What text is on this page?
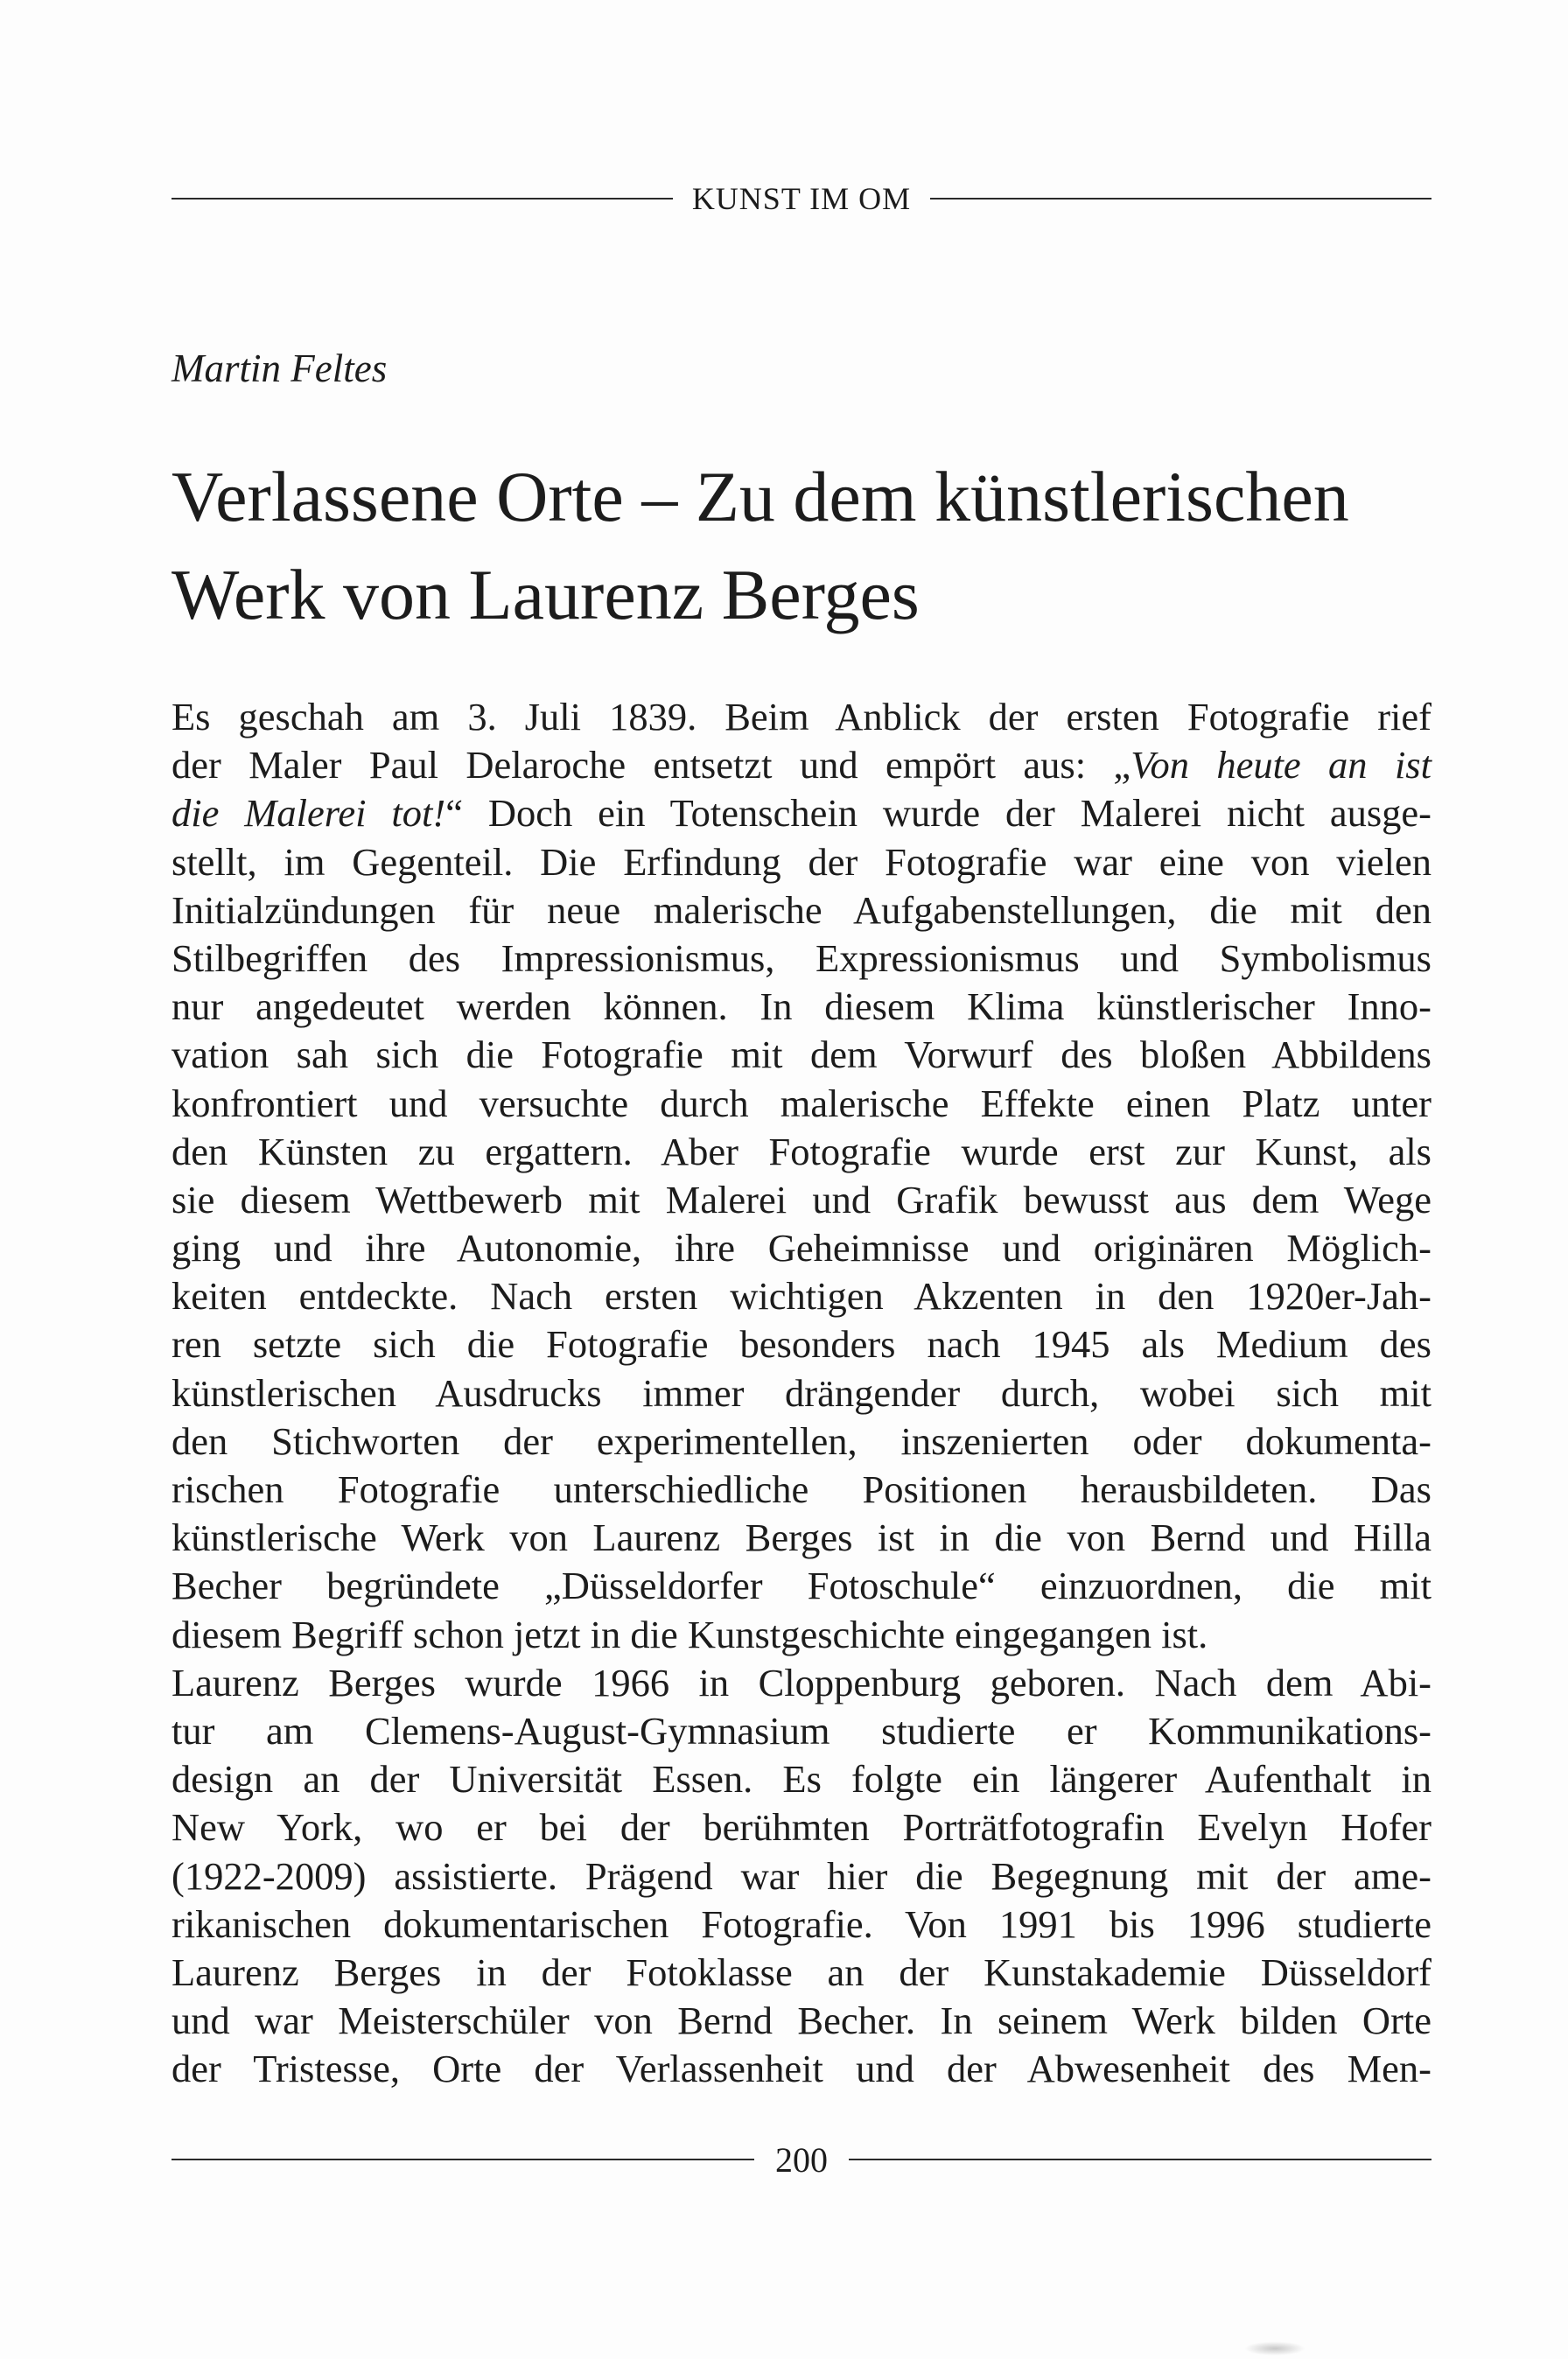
KUNST IM OM
Martin Feltes
Verlassene Orte – Zu dem künstlerischen
Werk von Laurenz Berges
Es geschah am 3. Juli 1839. Beim Anblick der ersten Fotografie rief
der Maler Paul Delaroche entsetzt und empört aus: „Von heute an ist
die Malerei tot!“ Doch ein Totenschein wurde der Malerei nicht ausge-
stellt, im Gegenteil. Die Erfindung der Fotografie war eine von vielen
Initialzündungen für neue malerische Aufgabenstellungen, die mit den
Stilbegriffen des Impressionismus, Expressionismus und Symbolismus
nur angedeutet werden können. In diesem Klima künstlerischer Inno-
vation sah sich die Fotografie mit dem Vorwurf des bloßen Abbildens
konfrontiert und versuchte durch malerische Effekte einen Platz unter
den Künsten zu ergattern. Aber Fotografie wurde erst zur Kunst, als
sie diesem Wettbewerb mit Malerei und Grafik bewusst aus dem Wege
ging und ihre Autonomie, ihre Geheimnisse und originären Möglich-
keiten entdeckte. Nach ersten wichtigen Akzenten in den 1920er-Jah-
ren setzte sich die Fotografie besonders nach 1945 als Medium des
künstlerischen Ausdrucks immer drängender durch, wobei sich mit
den Stichworten der experimentellen, inszenierten oder dokumenta-
rischen Fotografie unterschiedliche Positionen herausbildeten. Das
künstlerische Werk von Laurenz Berges ist in die von Bernd und Hilla
Becher begründete „Düsseldorfer Fotoschule“ einzuordnen, die mit
diesem Begriff schon jetzt in die Kunstgeschichte eingegangen ist.
Laurenz Berges wurde 1966 in Cloppenburg geboren. Nach dem Abi-
tur am Clemens-August-Gymnasium studierte er Kommunikations-
design an der Universität Essen. Es folgte ein längerer Aufenthalt in
New York, wo er bei der berühmten Porträtfotografin Evelyn Hofer
(1922-2009) assistierte. Prägend war hier die Begegnung mit der ame-
rikanischen dokumentarischen Fotografie. Von 1991 bis 1996 studierte
Laurenz Berges in der Fotoklasse an der Kunstakademie Düsseldorf
und war Meisterschüler von Bernd Becher. In seinem Werk bilden Orte
der Tristesse, Orte der Verlassenheit und der Abwesenheit des Men-
200
